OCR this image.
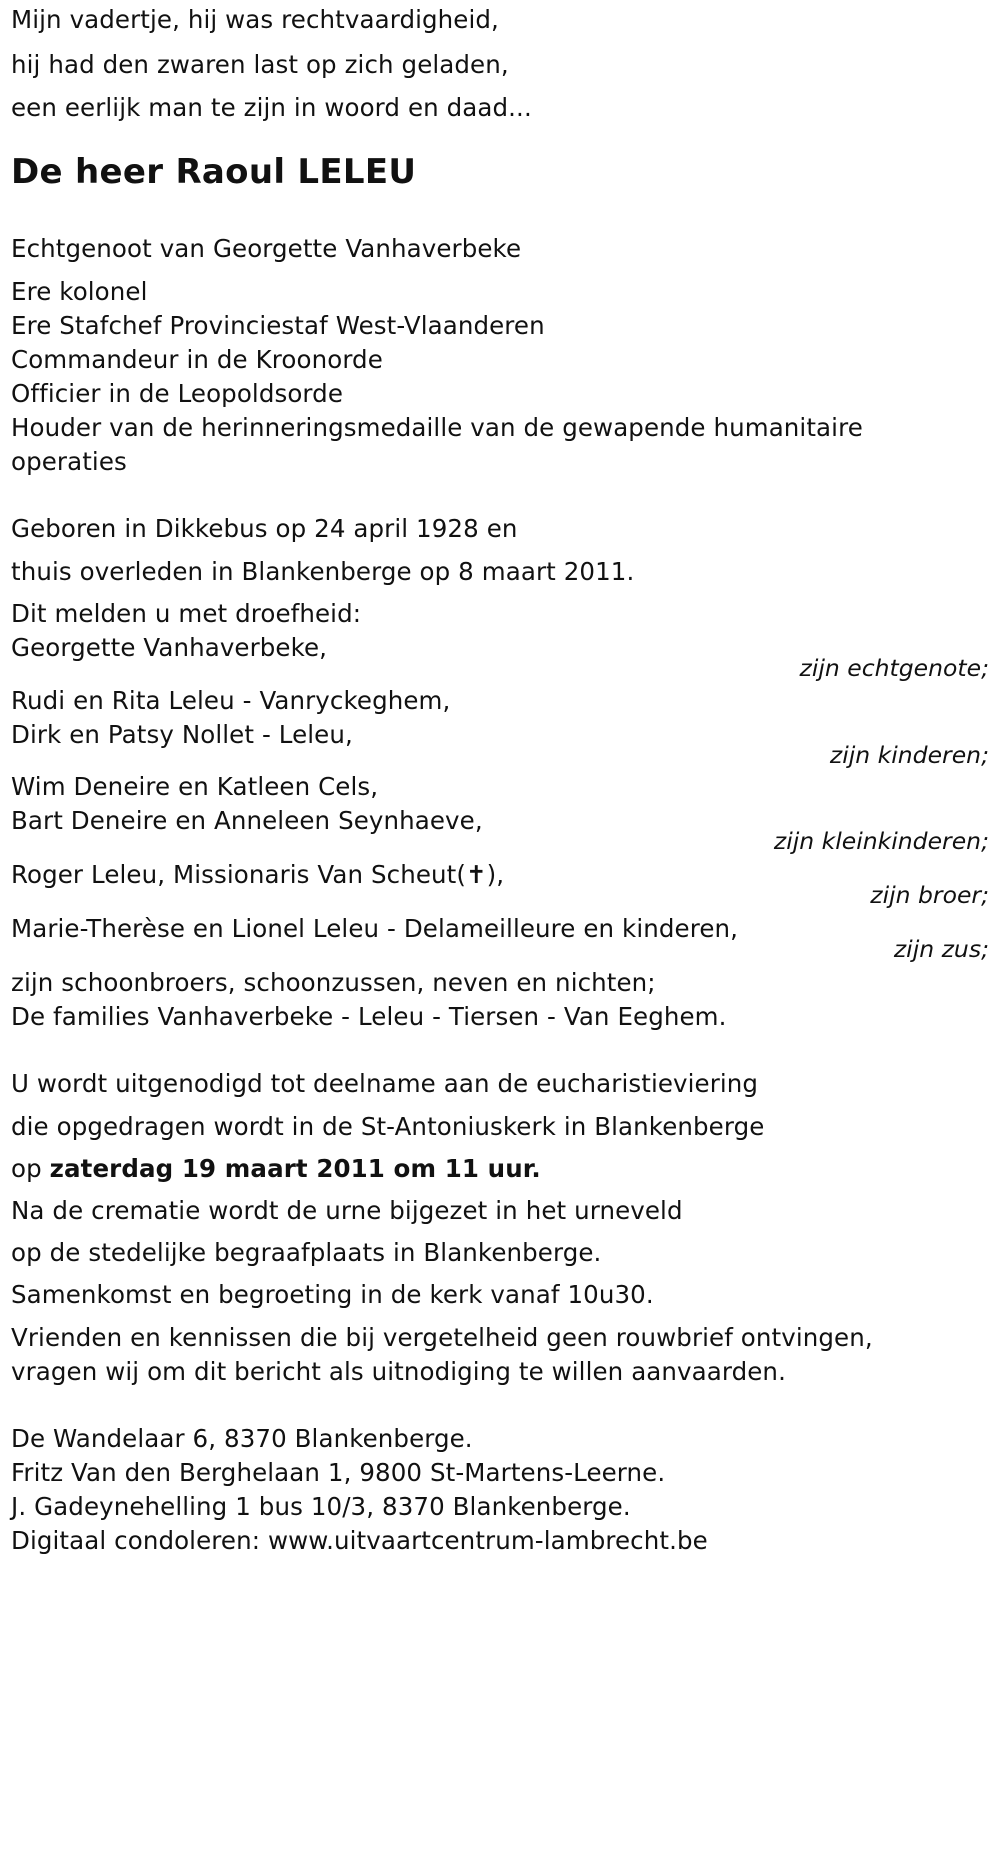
Mijn vadertje, hij was rechtvaardigheid,
hij had den zwaren last op zich geladen,
een eerlijk man te zijn in woord en daad...
De heer Raoul LELEU
Echtgenoot van Georgette Vanhaverbeke
Ere kolonel
Ere Stafchef Provinciestaf West-Vlaanderen
Commandeur in de Kroonorde
Officier in de Leopoldsorde
Houder van de herinneringsmedaille van de gewapende humanitaire
operaties
Geboren in Dikkebus op 24 april 1928 en
thuis overleden in Blankenberge op 8 maart 2011.
Dit melden u met droefheid:
Georgette Vanhaverbeke,
zijn echtgenote;
Rudi en Rita Leleu - Vanryckeghem,
Dirk en Patsy Nollet - Leleu,
zijn kinderen;
Wim Deneire en Katleen Cels,
Bart Deneire en Anneleen Seynhaeve,
zijn kleinkinderen;
Roger Leleu, Missionaris Van Scheut(✝),
zijn broer;
Marie-Therèse en Lionel Leleu - Delameilleure en kinderen,
zijn zus;
zijn schoonbroers, schoonzussen, neven en nichten;
De families Vanhaverbeke - Leleu - Tiersen - Van Eeghem.
U wordt uitgenodigd tot deelname aan de eucharistieviering
die opgedragen wordt in de St-Antoniuskerk in Blankenberge
op zaterdag 19 maart 2011 om 11 uur.
Na de crematie wordt de urne bijgezet in het urneveld
op de stedelijke begraafplaats in Blankenberge.
Samenkomst en begroeting in de kerk vanaf 10u30.
Vrienden en kennissen die bij vergetelheid geen rouwbrief ontvingen,
vragen wij om dit bericht als uitnodiging te willen aanvaarden.
De Wandelaar 6, 8370 Blankenberge.
Fritz Van den Berghelaan 1, 9800 St-Martens-Leerne.
J. Gadeynehelling 1 bus 10/3, 8370 Blankenberge.
Digitaal condoleren: www.uitvaartcentrum-lambrecht.be
